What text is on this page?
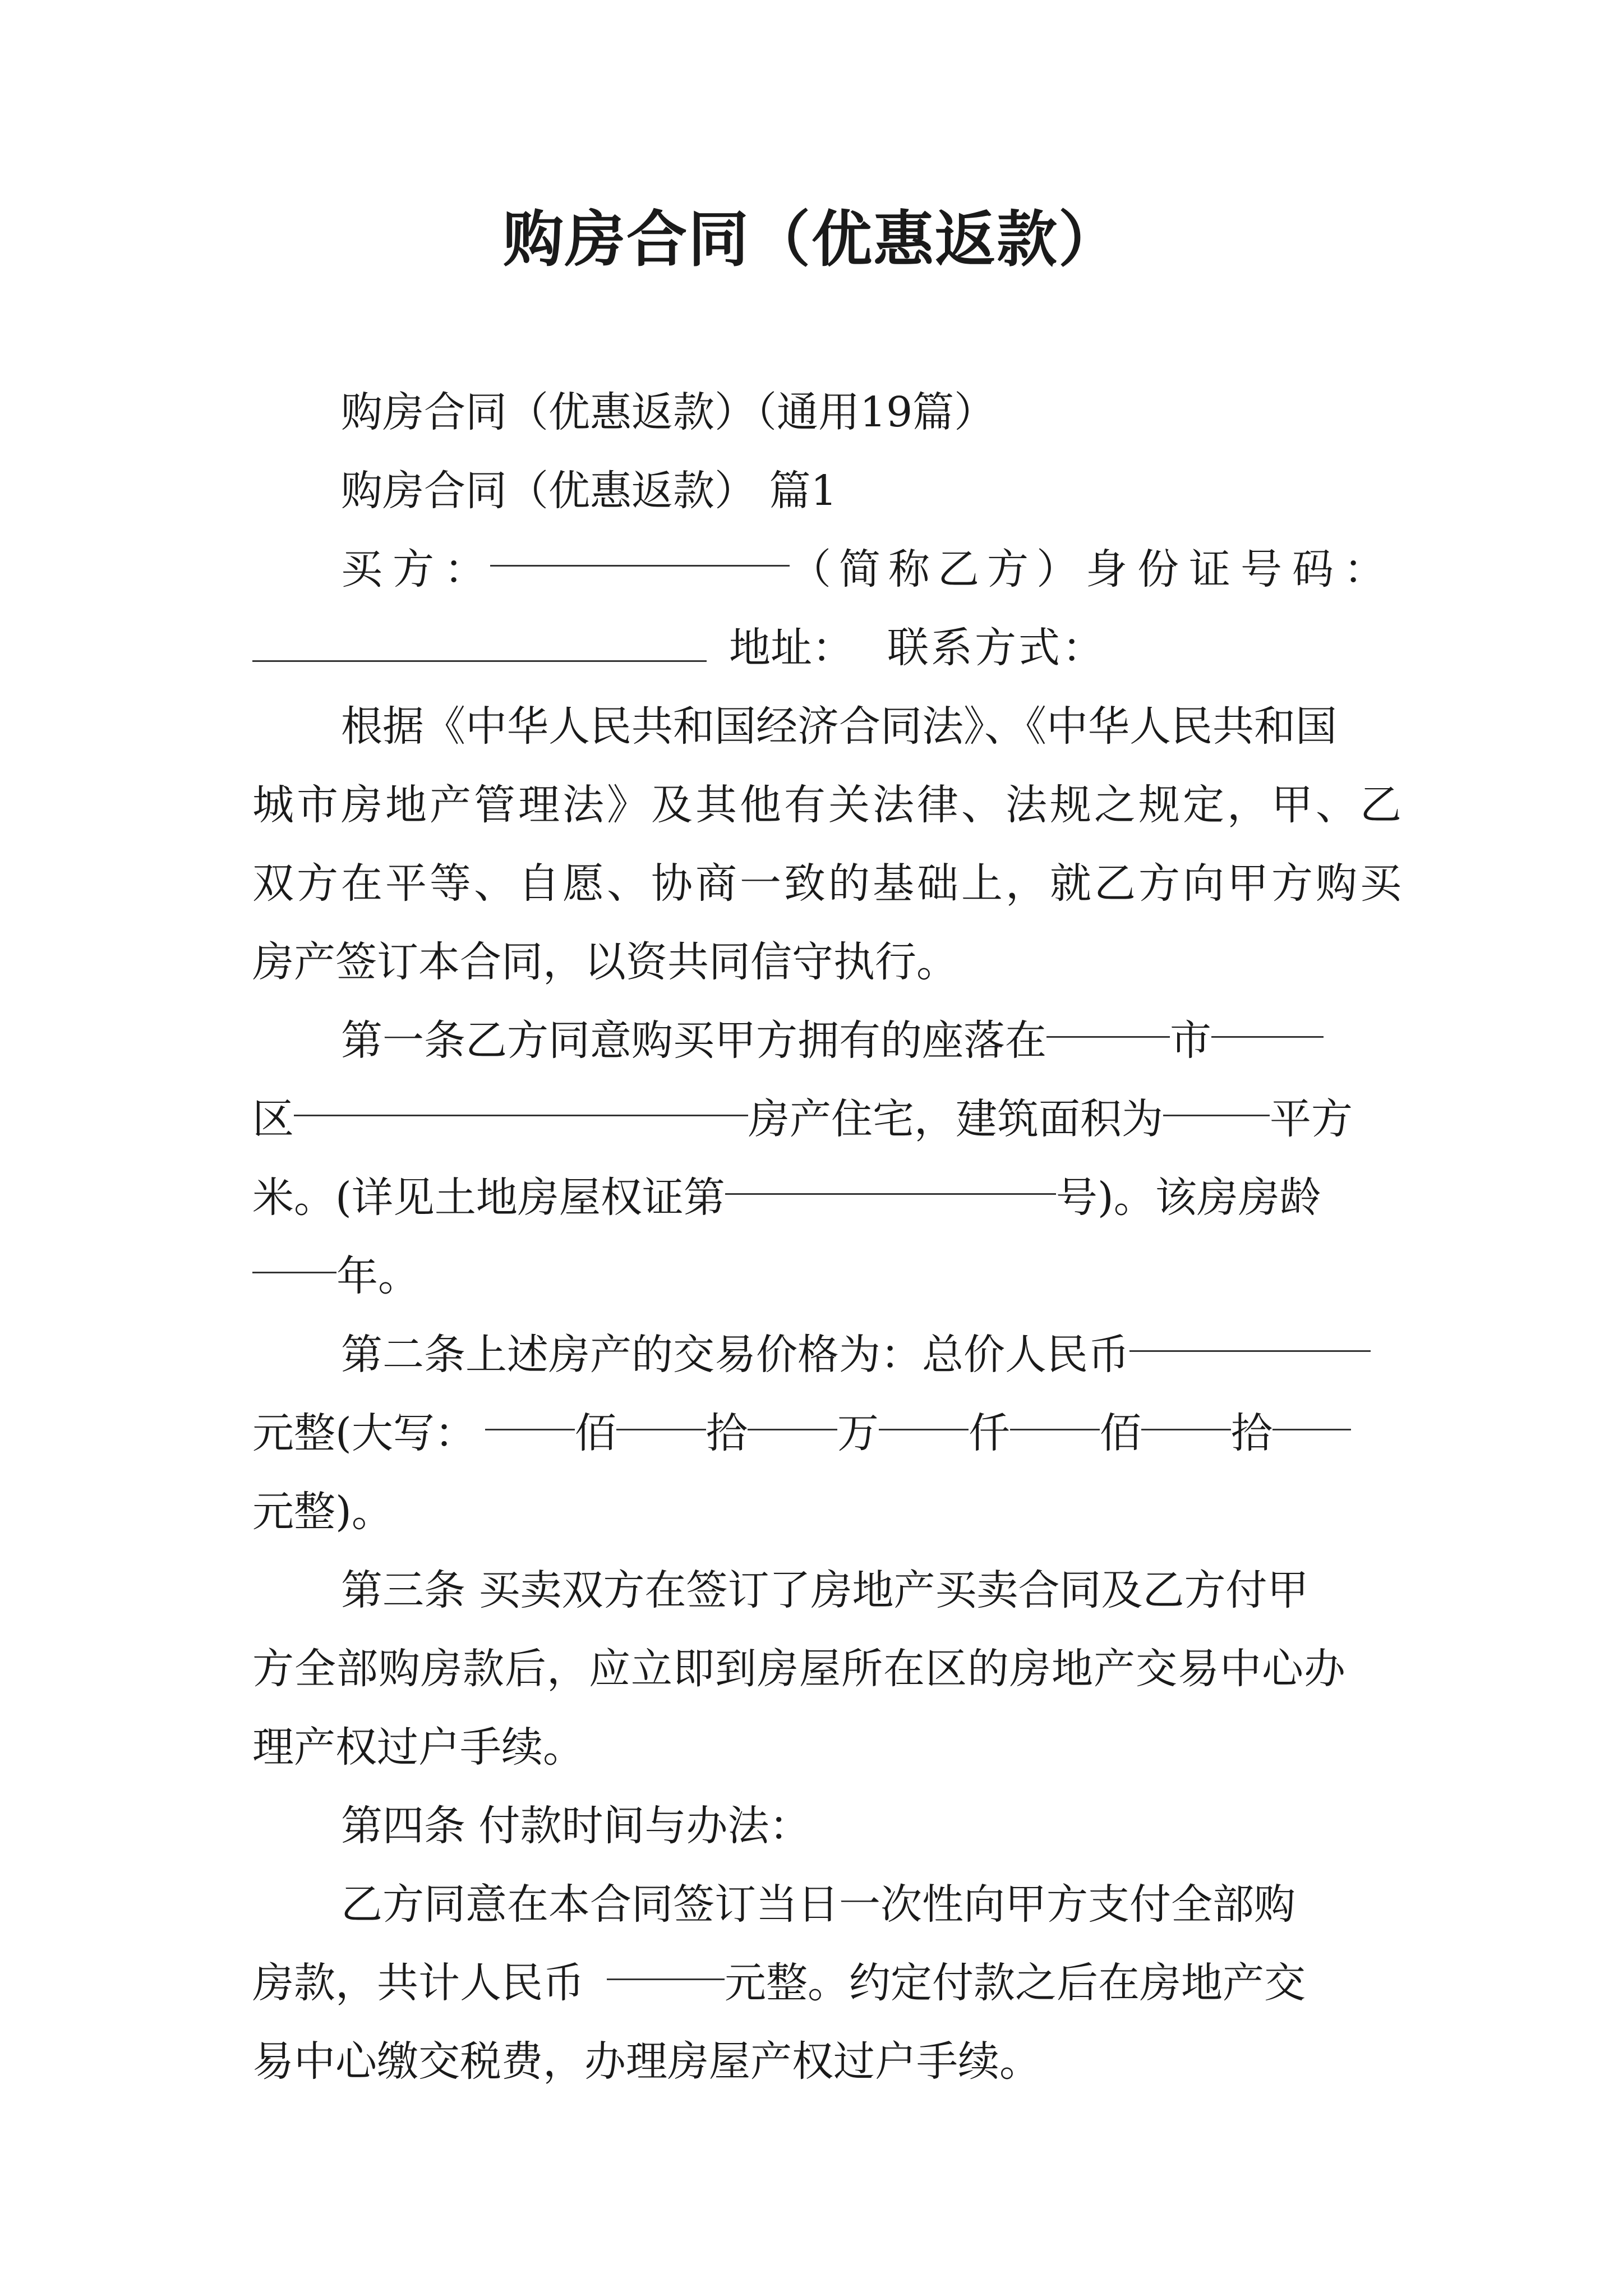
购房合同（优惠返款）
购房合同（优惠返款）（通用19篇）
购房合同（优惠返款） 篇1
买方：	（简称乙方） 身份证号码：
地址： 联系方式：
根据《中华人民共和国经济合同法》、《中华人民共和国
城市房地产管理法》及其他有关法律、法规之规定，甲、乙
双方在平等、自愿、协商一致的基础上，就乙方向甲方购买
房产签订本合同，以资共同信守执行。
第一条乙方同意购买甲方拥有的座落在	市
区	房产住宅，建筑面积为	平方
米。(详见土地房屋权证第	号)。该房房龄
年。
第二条上述房产的交易价格为：总价人民币
元整(大写： 佰 拾 万 仟 佰 拾
元整)。
第三条 买卖双方在签订了房地产买卖合同及乙方付甲
方全部购房款后，应立即到房屋所在区的房地产交易中心办
理产权过户手续。
第四条 付款时间与办法：
乙方同意在本合同签订当日一次性向甲方支付全部购
房款，共计人民币	元整。约定付款之后在房地产交
易中心缴交税费，办理房屋产权过户手续。
